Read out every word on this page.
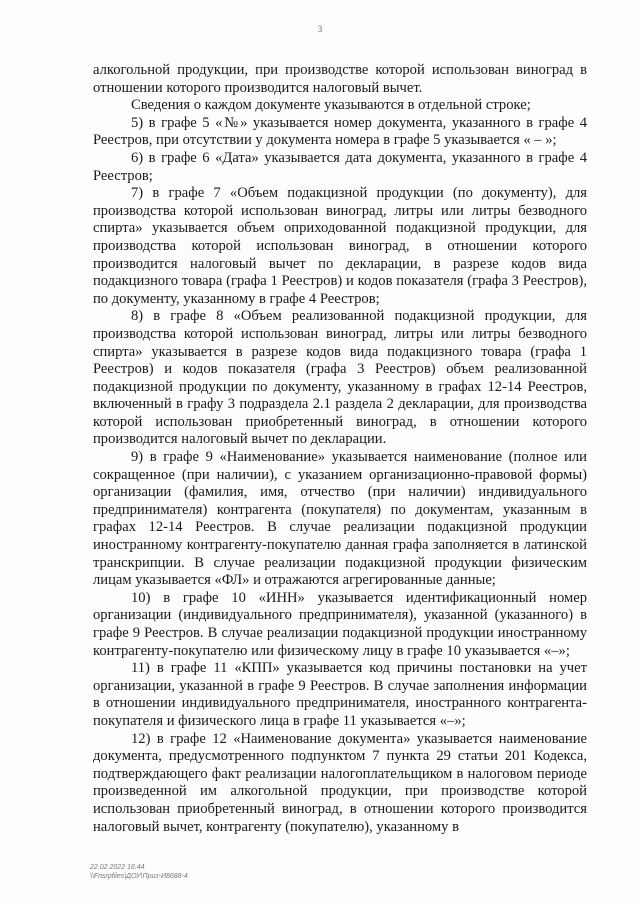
3

алкогольной продукции, при производстве которой использован виноград в отношении которого производится налоговый вычет.

Сведения о каждом документе указываются в отдельной строке;

5) в графе 5 «№» указывается номер документа, указанного в графе 4 Реестров, при отсутствии у документа номера в графе 5 указывается « – »;

6) в графе 6 «Дата» указывается дата документа, указанного в графе 4 Реестров;

7) в графе 7 «Объем подакцизной продукции (по документу), для производства которой использован виноград, литры или литры безводного спирта» указывается объем оприходованной подакцизной продукции, для производства которой использован виноград, в отношении которого производится налоговый вычет по декларации, в разрезе кодов вида подакцизного товара (графа 1 Реестров) и кодов показателя (графа 3 Реестров), по документу, указанному в графе 4 Реестров;

8) в графе 8 «Объем реализованной подакцизной продукции, для производства которой использован виноград, литры или литры безводного спирта» указывается в разрезе кодов вида подакцизного товара (графа 1 Реестров) и кодов показателя (графа 3 Реестров) объем реализованной подакцизной продукции по документу, указанному в графах 12-14 Реестров, включенный в графу 3 подраздела 2.1 раздела 2 декларации, для производства которой использован приобретенный виноград, в отношении которого производится налоговый вычет по декларации.

9) в графе 9 «Наименование» указывается наименование (полное или сокращенное (при наличии), с указанием организационно-правовой формы) организации (фамилия, имя, отчество (при наличии) индивидуального предпринимателя) контрагента (покупателя) по документам, указанным в графах 12-14 Реестров. В случае реализации подакцизной продукции иностранному контрагенту-покупателю данная графа заполняется в латинской транскрипции. В случае реализации подакцизной продукции физическим лицам указывается «ФЛ» и отражаются агрегированные данные;

10) в графе 10 «ИНН» указывается идентификационный номер организации (индивидуального предпринимателя), указанной (указанного) в графе 9 Реестров. В случае реализации подакцизной продукции иностранному контрагенту-покупателю или физическому лицу в графе 10 указывается «–»;

11) в графе 11 «КПП» указывается код причины постановки на учет организации, указанной в графе 9 Реестров. В случае заполнения информации в отношении индивидуального предпринимателя, иностранного контрагента-покупателя и физического лица в графе 11 указывается «–»;

12) в графе 12 «Наименование документа» указывается наименование документа, предусмотренного подпунктом 7 пункта 29 статьи 201 Кодекса, подтверждающего факт реализации налогоплательщиком в налоговом периоде произведенной им алкогольной продукции, при производстве которой использован приобретенный виноград, в отношении которого производится налоговый вычет, контрагенту (покупателю), указанному в

22.02.2022 16:44
\\Fnsrpfiles\ДОУ\Приз-И8688-4
